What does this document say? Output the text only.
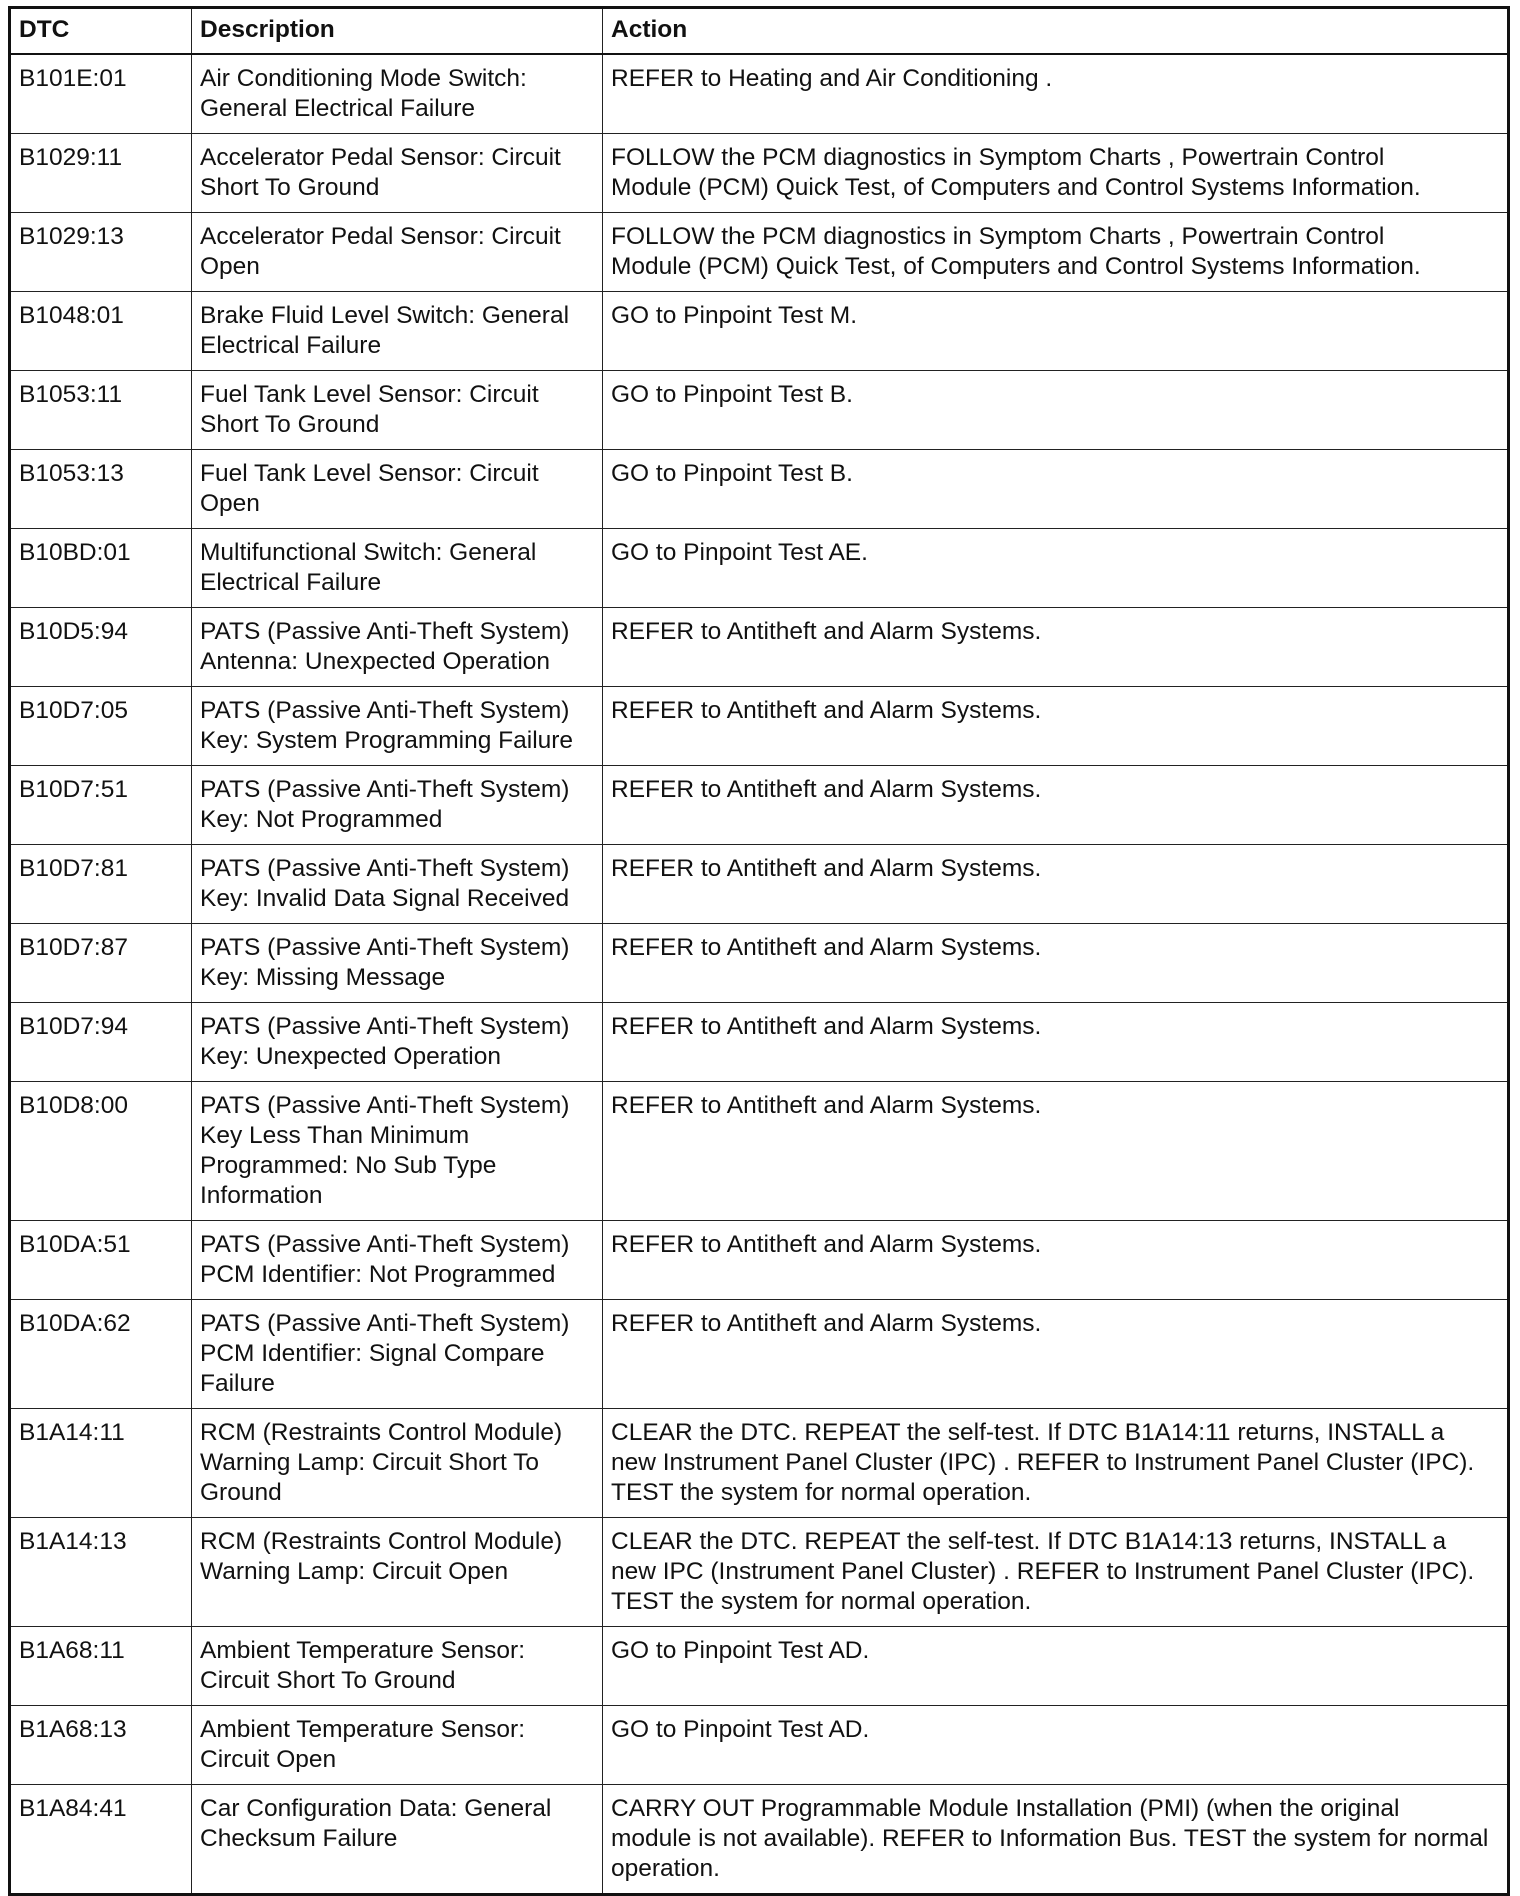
DTC	Description	Action
B101E:01	Air Conditioning Mode Switch:
General Electrical Failure	REFER to Heating and Air Conditioning .
B1029:11	Accelerator Pedal Sensor: Circuit
Short To Ground	FOLLOW the PCM diagnostics in Symptom Charts , Powertrain Control
Module (PCM) Quick Test, of Computers and Control Systems Information.
B1029:13	Accelerator Pedal Sensor: Circuit
Open	FOLLOW the PCM diagnostics in Symptom Charts , Powertrain Control
Module (PCM) Quick Test, of Computers and Control Systems Information.
B1048:01	Brake Fluid Level Switch: General
Electrical Failure	GO to Pinpoint Test M.
B1053:11	Fuel Tank Level Sensor: Circuit
Short To Ground	GO to Pinpoint Test B.
B1053:13	Fuel Tank Level Sensor: Circuit
Open	GO to Pinpoint Test B.
B10BD:01	Multifunctional Switch: General
Electrical Failure	GO to Pinpoint Test AE.
B10D5:94	PATS (Passive Anti-Theft System)
Antenna: Unexpected Operation	REFER to Antitheft and Alarm Systems.
B10D7:05	PATS (Passive Anti-Theft System)
Key: System Programming Failure	REFER to Antitheft and Alarm Systems.
B10D7:51	PATS (Passive Anti-Theft System)
Key: Not Programmed	REFER to Antitheft and Alarm Systems.
B10D7:81	PATS (Passive Anti-Theft System)
Key: Invalid Data Signal Received	REFER to Antitheft and Alarm Systems.
B10D7:87	PATS (Passive Anti-Theft System)
Key: Missing Message	REFER to Antitheft and Alarm Systems.
B10D7:94	PATS (Passive Anti-Theft System)
Key: Unexpected Operation	REFER to Antitheft and Alarm Systems.
B10D8:00	PATS (Passive Anti-Theft System)
Key Less Than Minimum
Programmed: No Sub Type
Information	REFER to Antitheft and Alarm Systems.
B10DA:51	PATS (Passive Anti-Theft System)
PCM Identifier: Not Programmed	REFER to Antitheft and Alarm Systems.
B10DA:62	PATS (Passive Anti-Theft System)
PCM Identifier: Signal Compare
Failure	REFER to Antitheft and Alarm Systems.
B1A14:11	RCM (Restraints Control Module)
Warning Lamp: Circuit Short To
Ground	CLEAR the DTC. REPEAT the self-test. If DTC B1A14:11 returns, INSTALL a
new Instrument Panel Cluster (IPC) . REFER to Instrument Panel Cluster (IPC).
TEST the system for normal operation.
B1A14:13	RCM (Restraints Control Module)
Warning Lamp: Circuit Open	CLEAR the DTC. REPEAT the self-test. If DTC B1A14:13 returns, INSTALL a
new IPC (Instrument Panel Cluster) . REFER to Instrument Panel Cluster (IPC).
TEST the system for normal operation.
B1A68:11	Ambient Temperature Sensor:
Circuit Short To Ground	GO to Pinpoint Test AD.
B1A68:13	Ambient Temperature Sensor:
Circuit Open	GO to Pinpoint Test AD.
B1A84:41	Car Configuration Data: General
Checksum Failure	CARRY OUT Programmable Module Installation (PMI) (when the original
module is not available). REFER to Information Bus. TEST the system for normal
operation.
